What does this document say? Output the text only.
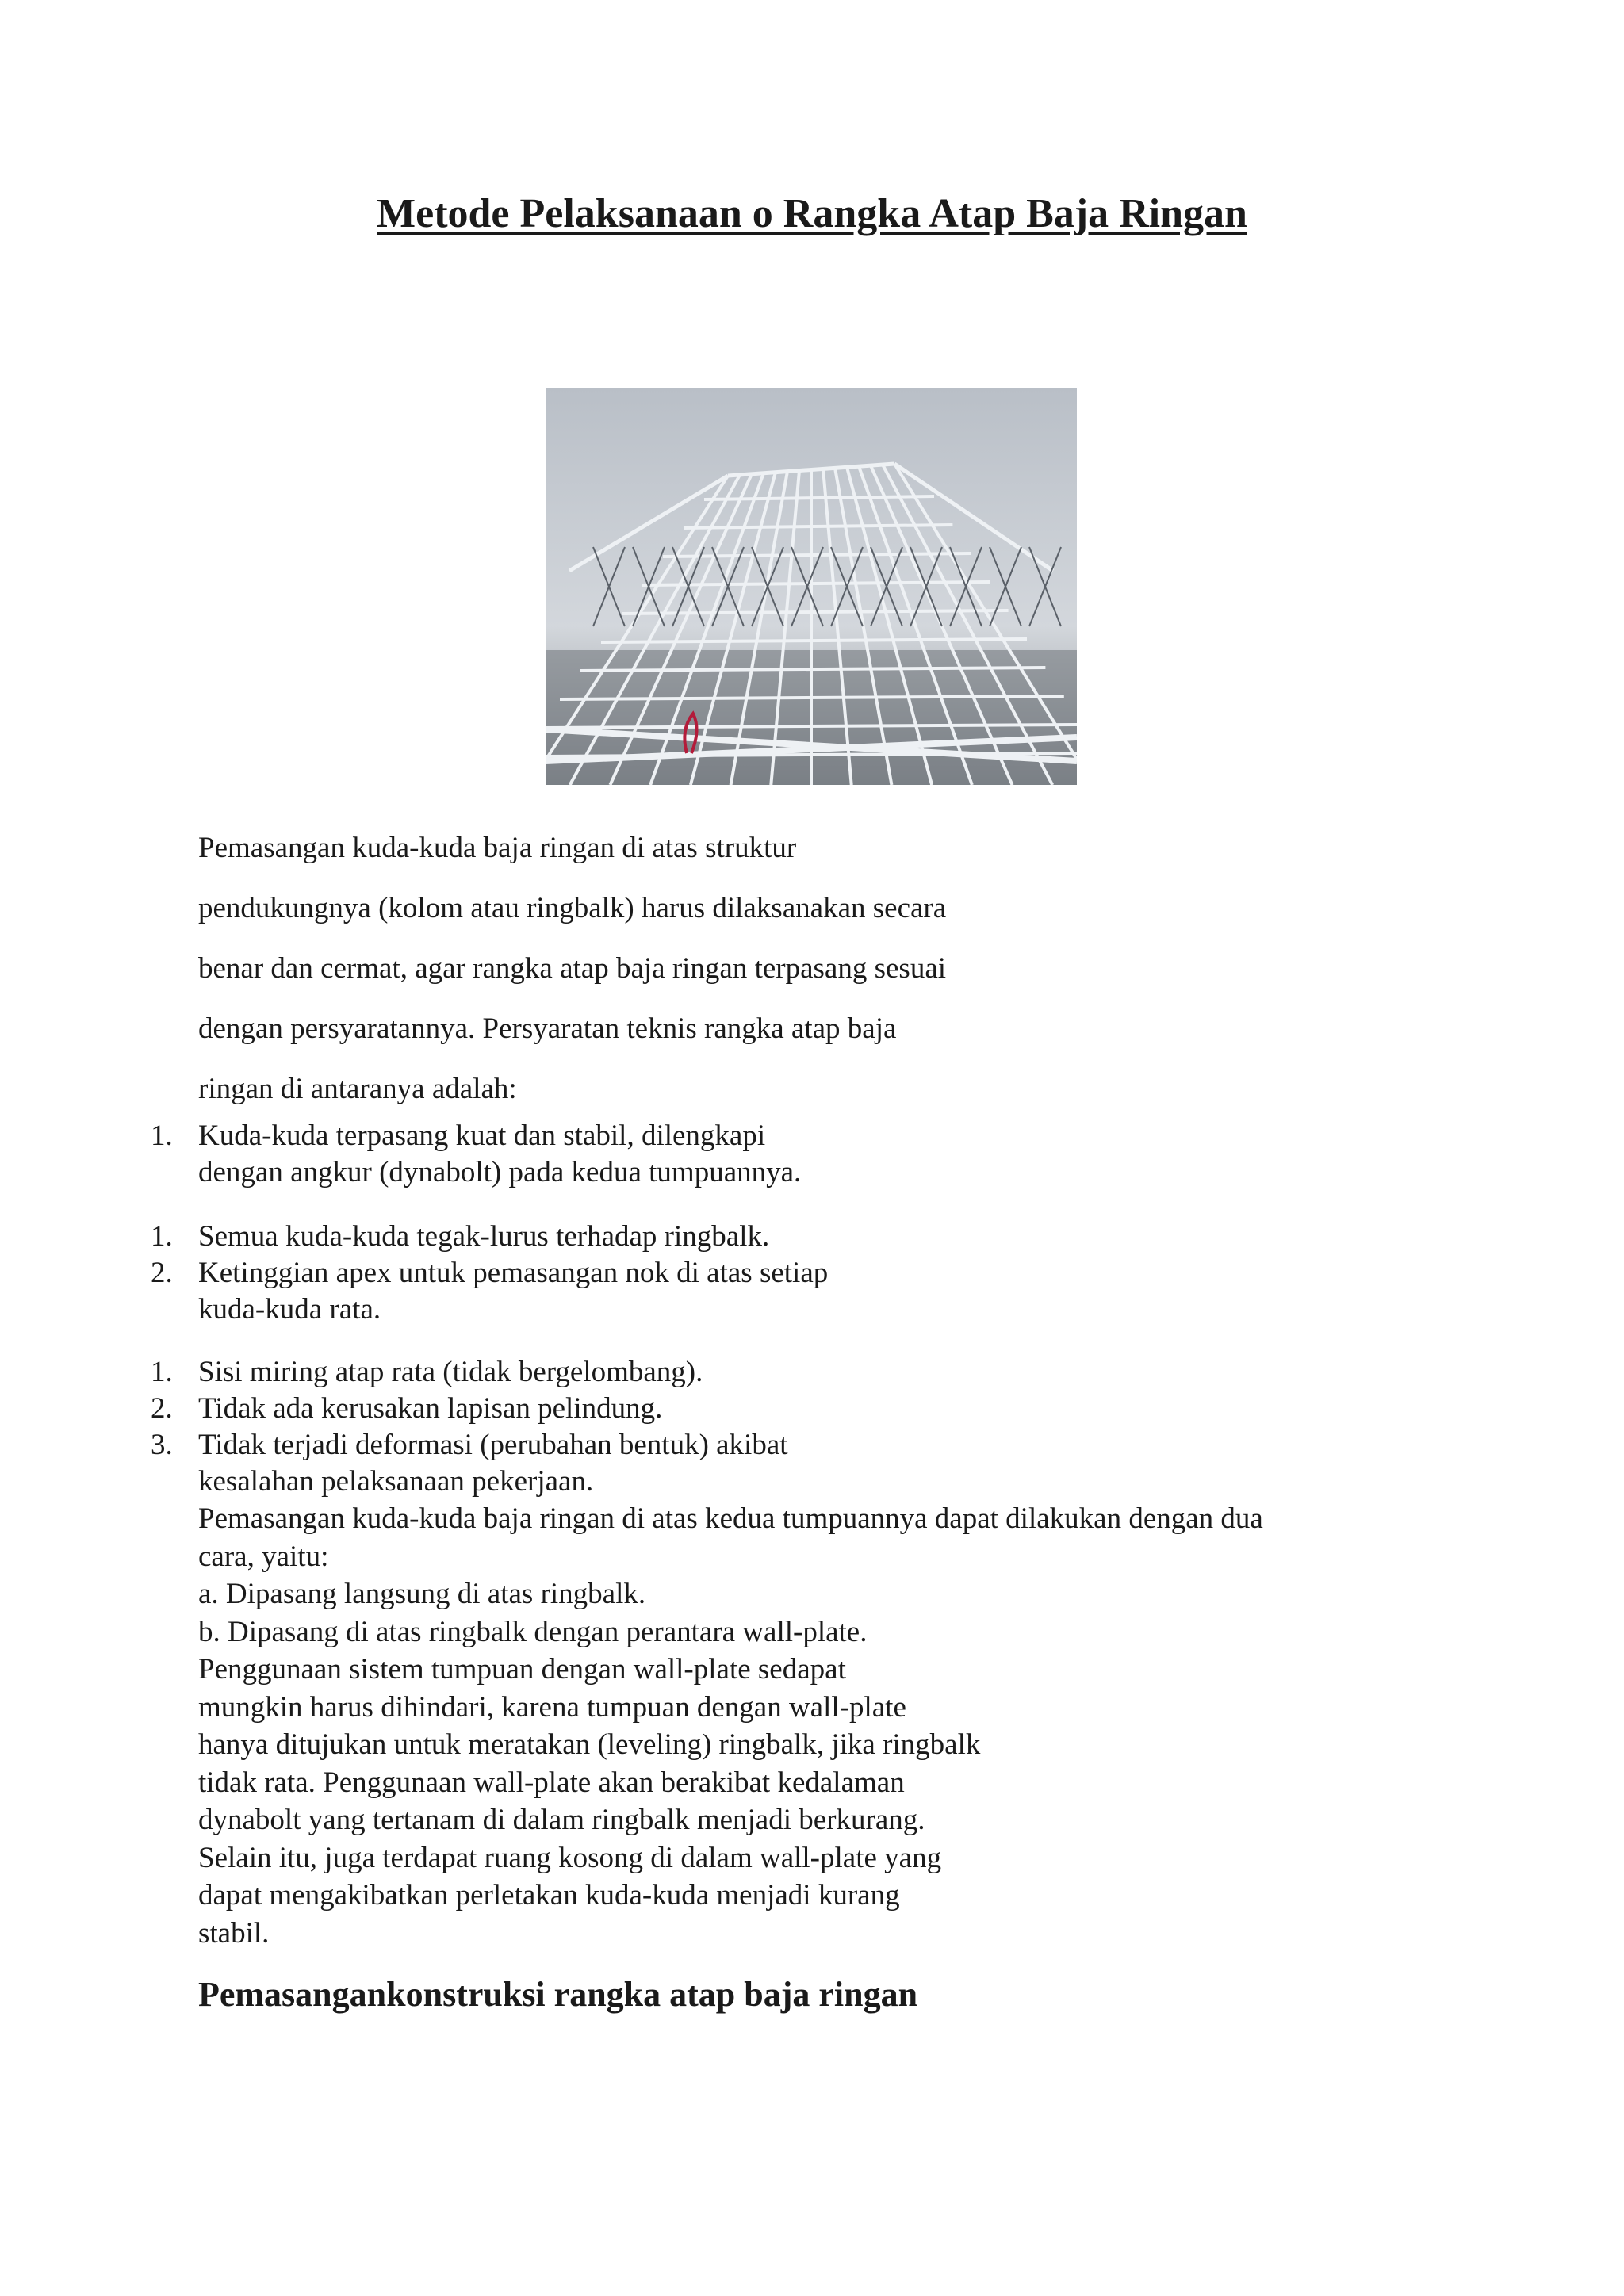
Metode Pelaksanaan o Rangka Atap Baja Ringan

Pemasangan kuda-kuda baja ringan di atas struktur
pendukungnya (kolom atau ringbalk) harus dilaksanakan secara
benar dan cermat, agar rangka atap baja ringan terpasang sesuai
dengan persyaratannya. Persyaratan teknis rangka atap baja
ringan di antaranya adalah:

1. Kuda-kuda terpasang kuat dan stabil, dilengkapi
dengan angkur (dynabolt) pada kedua tumpuannya.
1. Semua kuda-kuda tegak-lurus terhadap ringbalk.
2. Ketinggian apex untuk pemasangan nok di atas setiap
kuda-kuda rata.
1. Sisi miring atap rata (tidak bergelombang).
2. Tidak ada kerusakan lapisan pelindung.
3. Tidak terjadi deformasi (perubahan bentuk) akibat
kesalahan pelaksanaan pekerjaan.

Pemasangan kuda-kuda baja ringan di atas kedua tumpuannya dapat dilakukan dengan dua
cara, yaitu:
a. Dipasang langsung di atas ringbalk.
b. Dipasang di atas ringbalk dengan perantara wall-plate.
Penggunaan sistem tumpuan dengan wall-plate sedapat
mungkin harus dihindari, karena tumpuan dengan wall-plate
hanya ditujukan untuk meratakan (leveling) ringbalk, jika ringbalk
tidak rata. Penggunaan wall-plate akan berakibat kedalaman
dynabolt yang tertanam di dalam ringbalk menjadi berkurang.
Selain itu, juga terdapat ruang kosong di dalam wall-plate yang
dapat mengakibatkan perletakan kuda-kuda menjadi kurang
stabil.

Pemasangankonstruksi rangka atap baja ringan
